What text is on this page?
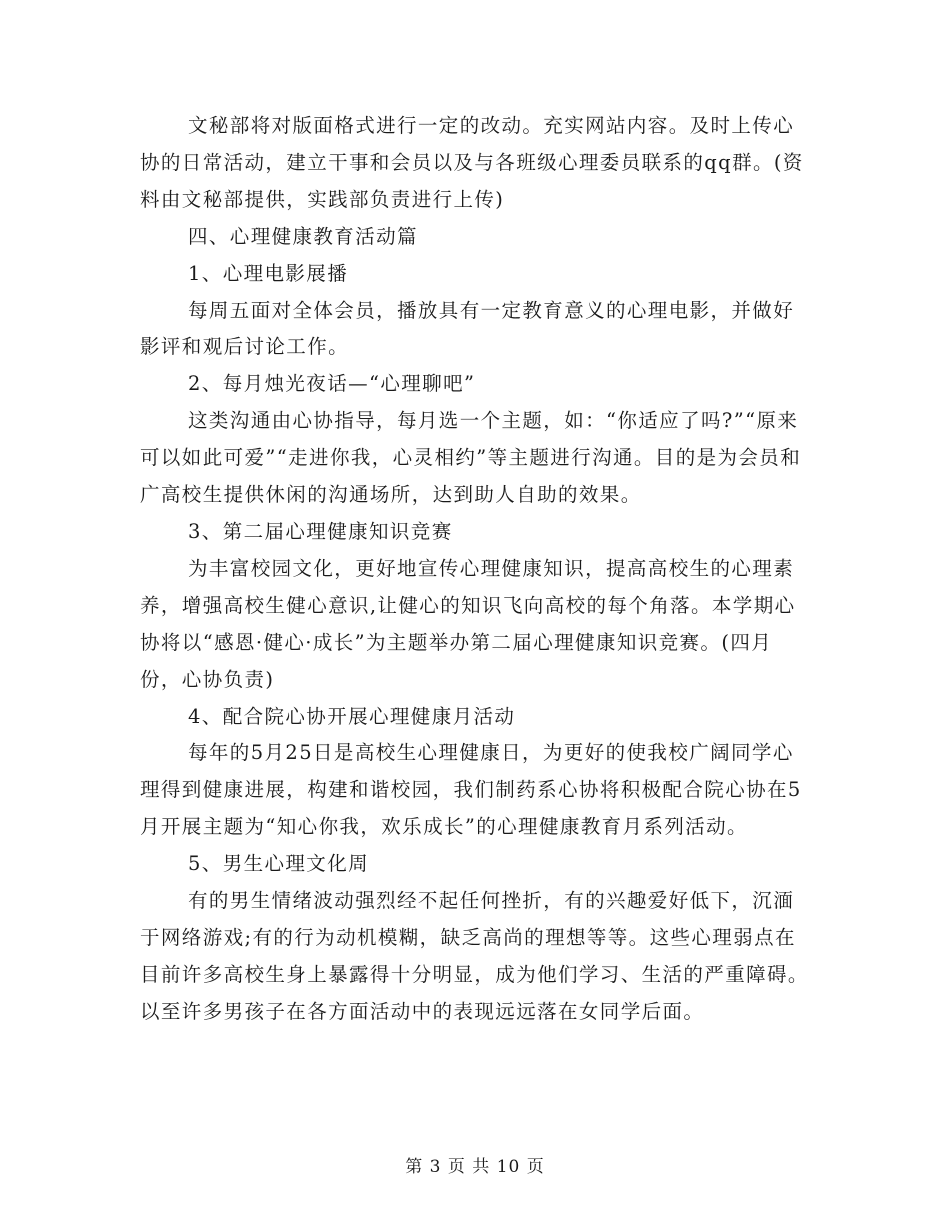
文秘部将对版面格式进行一定的改动。充实网站内容。及时上传心协的日常活动，建立干事和会员以及与各班级心理委员联系的qq群。(资料由文秘部提供，实践部负责进行上传)

四、心理健康教育活动篇

1、心理电影展播

每周五面对全体会员，播放具有一定教育意义的心理电影，并做好影评和观后讨论工作。

2、每月烛光夜话—“心理聊吧”

这类沟通由心协指导，每月选一个主题，如：“你适应了吗?”“原来可以如此可爱”“走进你我，心灵相约”等主题进行沟通。目的是为会员和广高校生提供休闲的沟通场所，达到助人自助的效果。

3、第二届心理健康知识竞赛

为丰富校园文化，更好地宣传心理健康知识，提高高校生的心理素养，增强高校生健心意识,让健心的知识飞向高校的每个角落。本学期心协将以“感恩·健心·成长”为主题举办第二届心理健康知识竞赛。(四月份，心协负责)

4、配合院心协开展心理健康月活动

每年的5月25日是高校生心理健康日，为更好的使我校广阔同学心理得到健康进展，构建和谐校园，我们制药系心协将积极配合院心协在5月开展主题为“知心你我，欢乐成长”的心理健康教育月系列活动。

5、男生心理文化周

有的男生情绪波动强烈经不起任何挫折，有的兴趣爱好低下，沉湎于网络游戏;有的行为动机模糊，缺乏高尚的理想等等。这些心理弱点在目前许多高校生身上暴露得十分明显，成为他们学习、生活的严重障碍。以至许多男孩子在各方面活动中的表现远远落在女同学后面。

第 3 页 共 10 页
